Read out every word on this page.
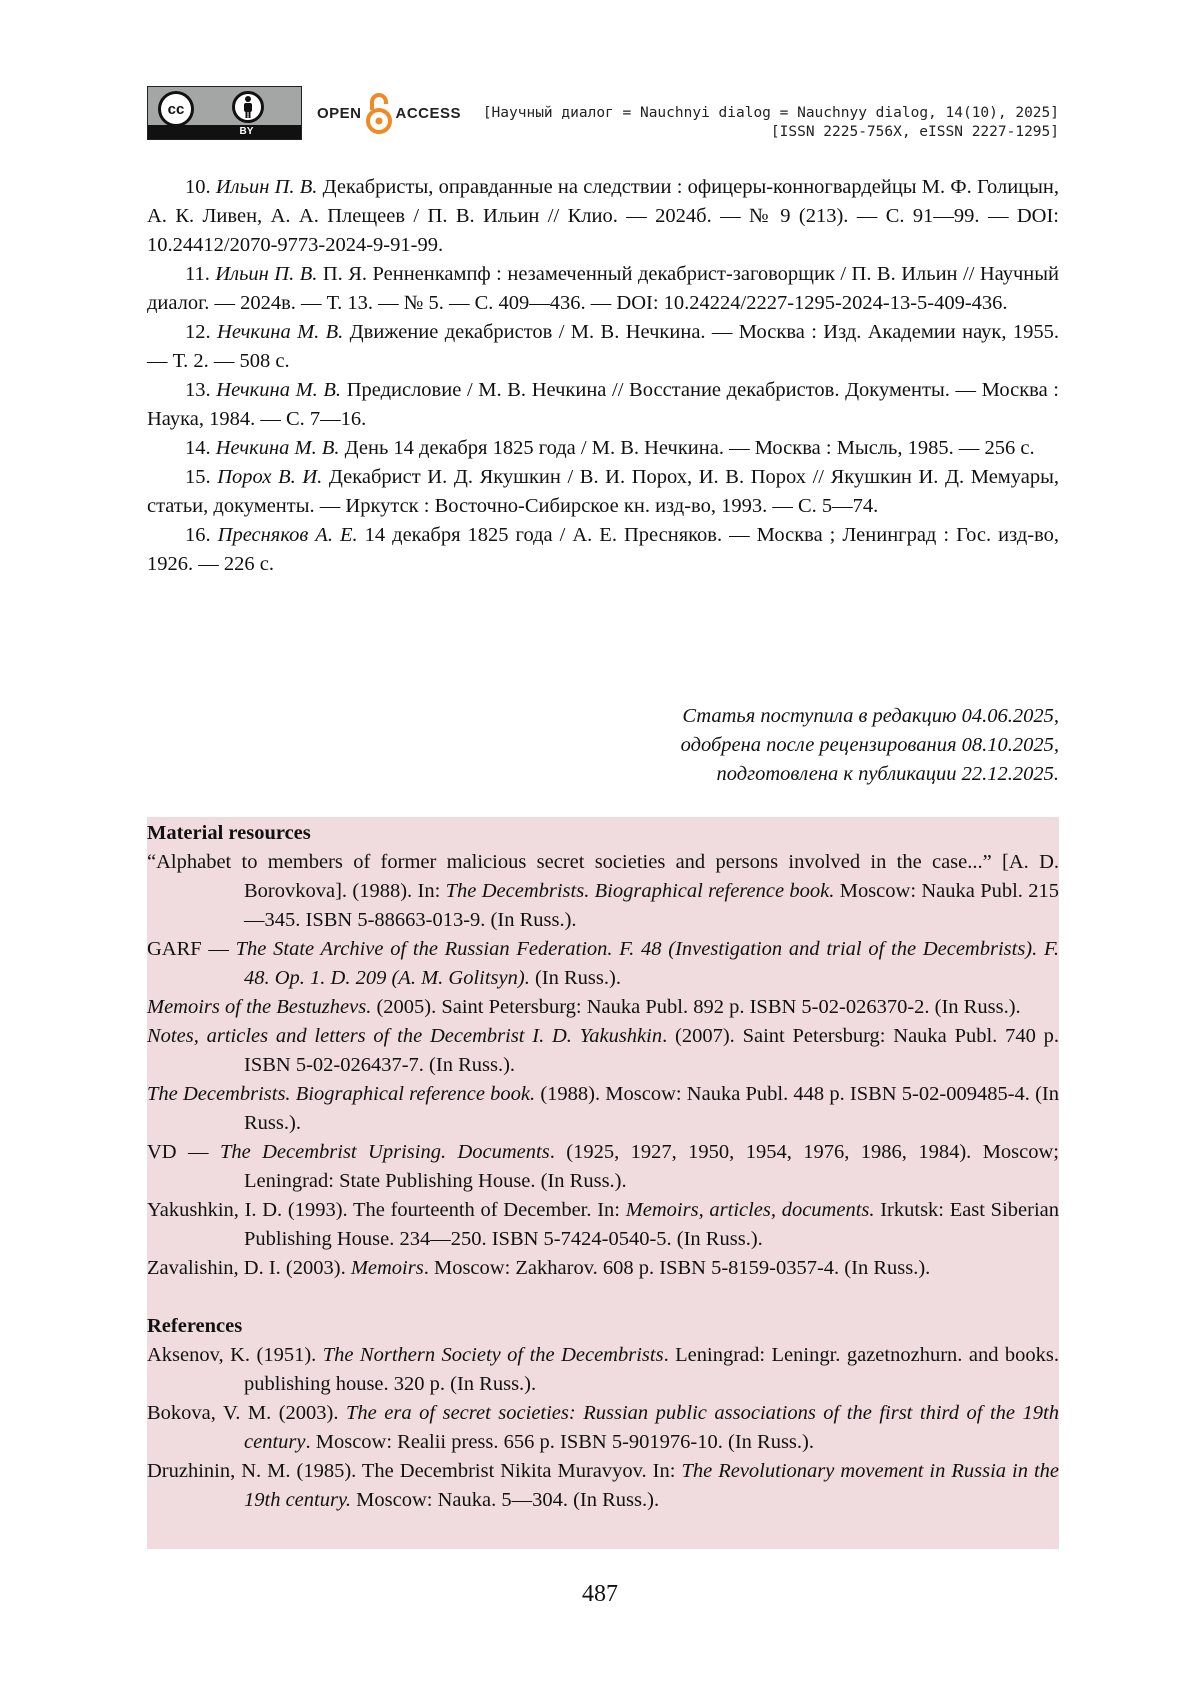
cc
BY
OPEN ACCESS [Научный диалог = Nauchnyi dialog = Nauchnyy dialog, 14(10), 2025]
[ISSN 2225-756X, eISSN 2227-1295]

10. Ильин П. В. Декабристы, оправданные на следствии : офицеры-конногвардейцы М. Ф. Голицын, А. К. Ливен, А. А. Плещеев / П. В. Ильин // Клио. — 2024б. — № 9 (213). — С. 91—99. — DOI: 10.24412/2070-9773-2024-9-91-99.

11. Ильин П. В. П. Я. Ренненкампф : незамеченный декабрист-заговорщик / П. В. Ильин // Научный диалог. — 2024в. — Т. 13. — № 5. — С. 409—436. — DOI: 10.24224/2227-1295-2024-13-5-409-436.

12. Нечкина М. В. Движение декабристов / М. В. Нечкина. — Москва : Изд. Академии наук, 1955. — Т. 2. — 508 с.

13. Нечкина М. В. Предисловие / М. В. Нечкина // Восстание декабристов. Документы. — Москва : Наука, 1984. — С. 7—16.

14. Нечкина М. В. День 14 декабря 1825 года / М. В. Нечкина. — Москва : Мысль, 1985. — 256 с.

15. Порох В. И. Декабрист И. Д. Якушкин / В. И. Порох, И. В. Порох // Якушкин И. Д. Мемуары, статьи, документы. — Иркутск : Восточно-Сибирское кн. изд-во, 1993. — С. 5—74.

16. Пресняков А. Е. 14 декабря 1825 года / А. Е. Пресняков. — Москва ; Ленинград : Гос. изд-во, 1926. — 226 с.

Статья поступила в редакцию 04.06.2025,
одобрена после рецензирования 08.10.2025,
подготовлена к публикации 22.12.2025.
Material resources

“Alphabet to members of former malicious secret societies and persons involved in the case...” [A. D. Borovkova]. (1988). In: The Decembrists. Biographical reference book. Moscow: Nauka Publ. 215—345. ISBN 5-88663-013-9. (In Russ.).

GARF — The State Archive of the Russian Federation. F. 48 (Investigation and trial of the Decembrists). F. 48. Op. 1. D. 209 (A. M. Golitsyn). (In Russ.).

Memoirs of the Bestuzhevs. (2005). Saint Petersburg: Nauka Publ. 892 p. ISBN 5-02-026370-2. (In Russ.).

Notes, articles and letters of the Decembrist I. D. Yakushkin. (2007). Saint Petersburg: Nauka Publ. 740 p. ISBN 5-02-026437-7. (In Russ.).

The Decembrists. Biographical reference book. (1988). Moscow: Nauka Publ. 448 p. ISBN 5-02-009485-4. (In Russ.).

VD — The Decembrist Uprising. Documents. (1925, 1927, 1950, 1954, 1976, 1986, 1984). Moscow; Leningrad: State Publishing House. (In Russ.).

Yakushkin, I. D. (1993). The fourteenth of December. In: Memoirs, articles, documents. Irkutsk: East Siberian Publishing House. 234—250. ISBN 5-7424-0540-5. (In Russ.).

Zavalishin, D. I. (2003). Memoirs. Moscow: Zakharov. 608 p. ISBN 5-8159-0357-4. (In Russ.).

References

Aksenov, K. (1951). The Northern Society of the Decembrists. Leningrad: Leningr. gazetnozhurn. and books. publishing house. 320 p. (In Russ.).

Bokova, V. M. (2003). The era of secret societies: Russian public associations of the first third of the 19th century. Moscow: Realii press. 656 p. ISBN 5-901976-10. (In Russ.).

Druzhinin, N. M. (1985). The Decembrist Nikita Muravyov. In: The Revolutionary movement in Russia in the 19th century. Moscow: Nauka. 5—304. (In Russ.).

487
